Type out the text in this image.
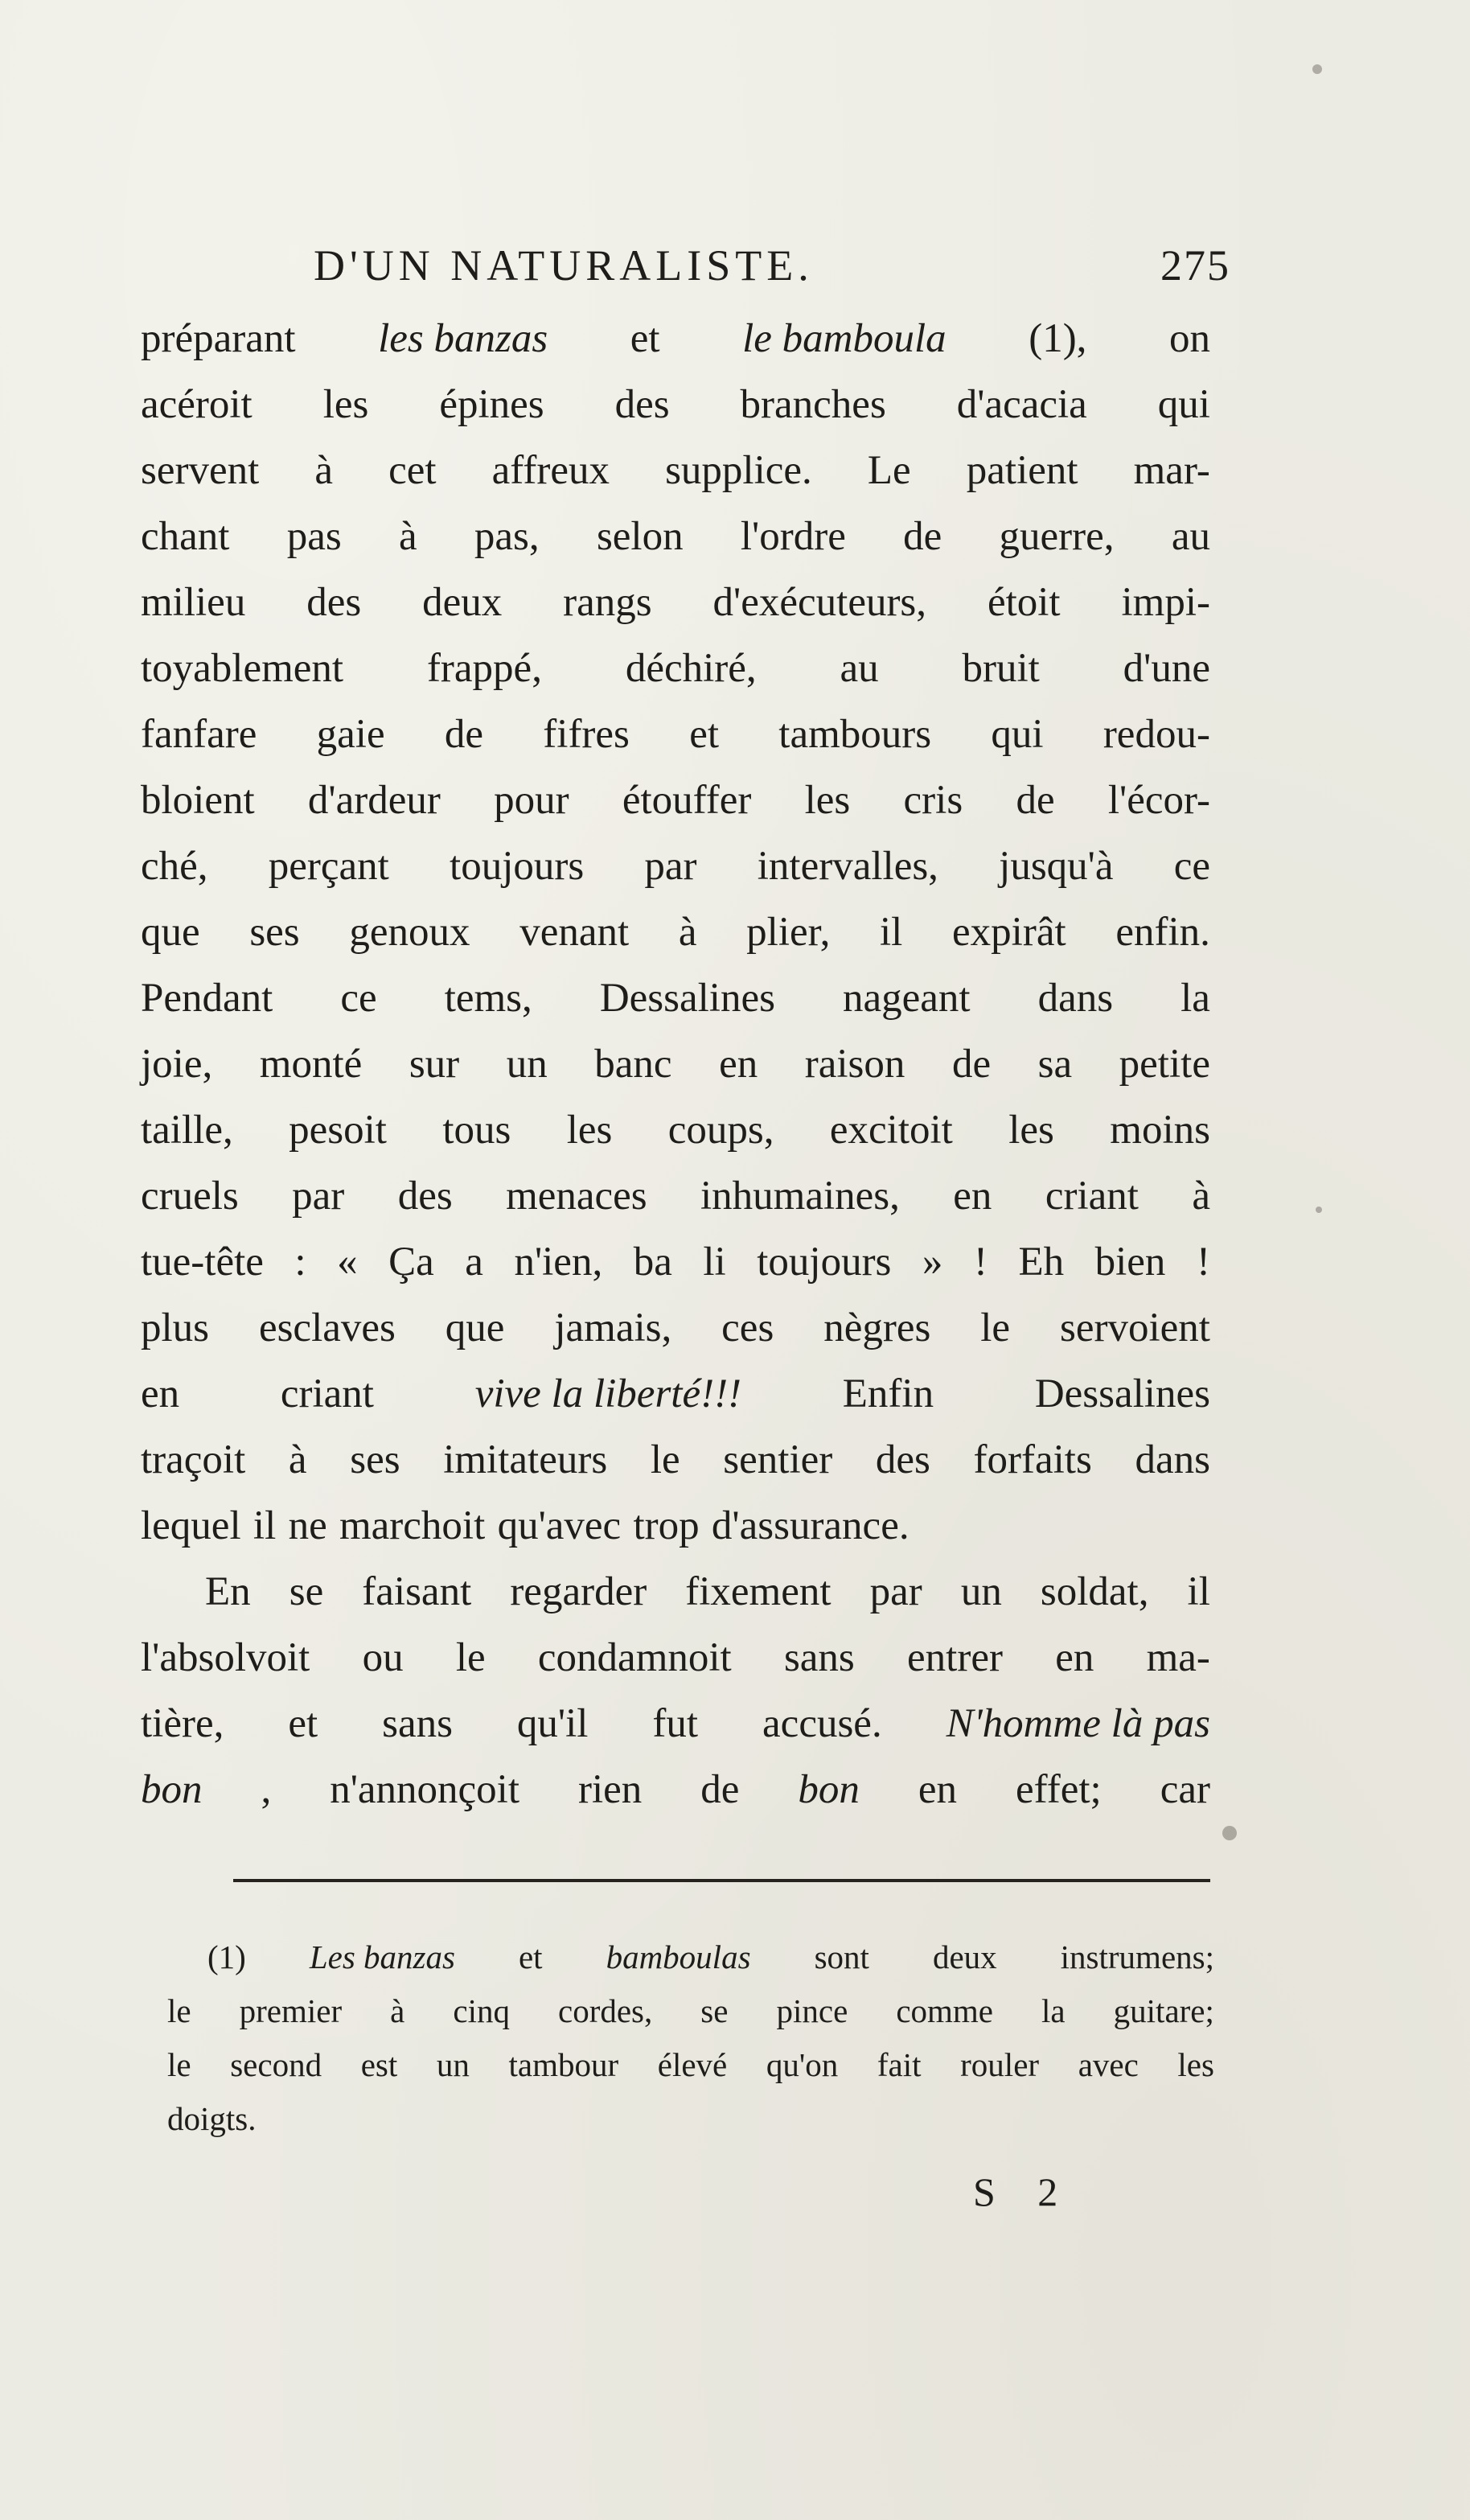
D'UN NATURALISTE.	275
préparant les banzas et le bamboula (1), on
acéroit les épines des branches d'acacia qui
servent à cet affreux supplice. Le patient mar-
chant pas à pas, selon l'ordre de guerre, au
milieu des deux rangs d'exécuteurs, étoit impi-
toyablement frappé, déchiré, au bruit d'une
fanfare gaie de fifres et tambours qui redou-
bloient d'ardeur pour étouffer les cris de l'écor-
ché, perçant toujours par intervalles, jusqu'à ce
que ses genoux venant à plier, il expirât enfin.
Pendant ce tems, Dessalines nageant dans la
joie, monté sur un banc en raison de sa petite
taille, pesoit tous les coups, excitoit les moins
cruels par des menaces inhumaines, en criant à
tue-tête : « Ça a n'ien, ba li toujours » ! Eh bien !
plus esclaves que jamais, ces nègres le servoient
en criant vive la liberté!!! Enfin Dessalines
traçoit à ses imitateurs le sentier des forfaits dans
lequel il ne marchoit qu'avec trop d'assurance.
En se faisant regarder fixement par un soldat, il
l'absolvoit ou le condamnoit sans entrer en ma-
tière, et sans qu'il fut accusé. N'homme là pas
bon , n'annonçoit rien de bon en effet; car
(1) Les banzas et bamboulas sont deux instrumens;
le premier à cinq cordes, se pince comme la guitare;
le second est un tambour élevé qu'on fait rouler avec les
doigts.
S 2
